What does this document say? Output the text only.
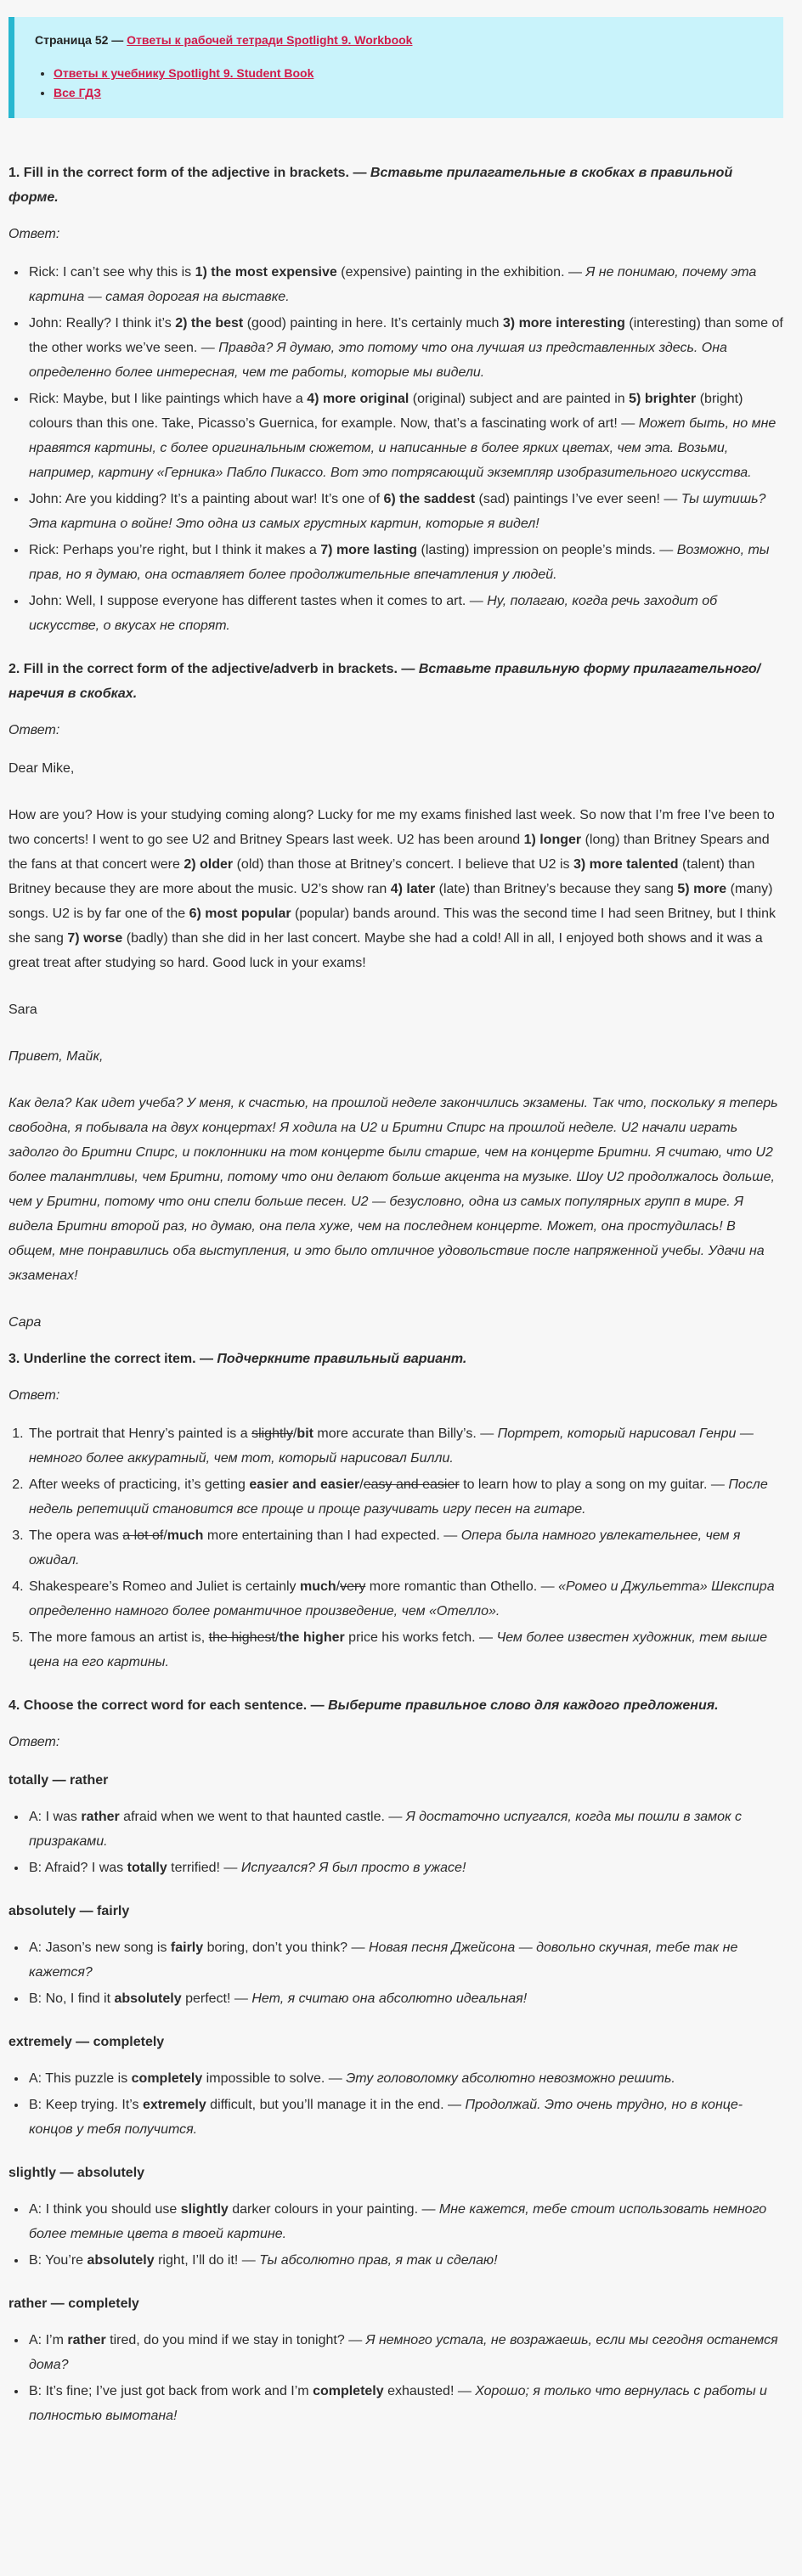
Страница 52 — Ответы к рабочей тетради Spotlight 9. Workbook
• Ответы к учебнику Spotlight 9. Student Book
• Все ГДЗ
1. Fill in the correct form of the adjective in brackets. — Вставьте прилагательные в скобках в правильной форме.

Ответ:

• Rick: I can’t see why this is 1) the most expensive (expensive) painting in the exhibition. — Я не понимаю, почему эта картина — самая дорогая на выставке.
• John: Really? I think it’s 2) the best (good) painting in here. It’s certainly much 3) more interesting (interesting) than some of the other works we’ve seen. — Правда? Я думаю, это потому что она лучшая из представленных здесь. Она определенно более интересная, чем те работы, которые мы видели.
• Rick: Maybe, but I like paintings which have a 4) more original (original) subject and are painted in 5) brighter (bright) colours than this one. Take, Picasso’s Guernica, for example. Now, that’s a fascinating work of art! — Может быть, но мне нравятся картины, с более оригинальным сюжетом, и написанные в более ярких цветах, чем эта. Возьми, например, картину «Герника» Пабло Пикассо. Вот это потрясающий экземпляр изобразительного искусства.
• John: Are you kidding? It’s a painting about war! It’s one of 6) the saddest (sad) paintings I’ve ever seen! — Ты шутишь? Эта картина о войне! Это одна из самых грустных картин, которые я видел!
• Rick: Perhaps you’re right, but I think it makes a 7) more lasting (lasting) impression on people’s minds. — Возможно, ты прав, но я думаю, она оставляет более продолжительные впечатления у людей.
• John: Well, I suppose everyone has different tastes when it comes to art. — Ну, полагаю, когда речь заходит об искусстве, о вкусах не спорят.
2. Fill in the correct form of the adjective/adverb in brackets. — Вставьте правильную форму прилагательного/наречия в скобках.

Ответ:

Dear Mike,

How are you? How is your studying coming along? Lucky for me my exams finished last week. So now that I’m free I’ve been to two concerts! I went to go see U2 and Britney Spears last week. U2 has been around 1) longer (long) than Britney Spears and the fans at that concert were 2) older (old) than those at Britney’s concert. I believe that U2 is 3) more talented (talent) than Britney because they are more about the music. U2’s show ran 4) later (late) than Britney’s because they sang 5) more (many) songs. U2 is by far one of the 6) most popular (popular) bands around. This was the second time I had seen Britney, but I think she sang 7) worse (badly) than she did in her last concert. Maybe she had a cold! All in all, I enjoyed both shows and it was a great treat after studying so hard. Good luck in your exams!

Sara

Привет, Майк,

Как дела? Как идет учеба? У меня, к счастью, на прошлой неделе закончились экзамены. Так что, поскольку я теперь свободна, я побывала на двух концертах! Я ходила на U2 и Бритни Спирс на прошлой неделе. U2 начали играть задолго до Бритни Спирс, и поклонники на том концерте были старше, чем на концерте Бритни. Я считаю, что U2 более талантливы, чем Бритни, потому что они делают больше акцента на музыке. Шоу U2 продолжалось дольше, чем у Бритни, потому что они спели больше песен. U2 — безусловно, одна из самых популярных групп в мире. Я видела Бритни второй раз, но думаю, она пела хуже, чем на последнем концерте. Может, она простудилась! В общем, мне понравились оба выступления, и это было отличное удовольствие после напряженной учебы. Удачи на экзаменах!

Сара

3. Underline the correct item. — Подчеркните правильный вариант.

Ответ:

1. The portrait that Henry’s painted is a slightly/bit more accurate than Billy’s. — Портрет, который нарисовал Генри — немного более аккуратный, чем тот, который нарисовал Билли.
2. After weeks of practicing, it’s getting easier and easier/easy and easier to learn how to play a song on my guitar. — После недель репетиций становится все проще и проще разучивать игру песен на гитаре.
3. The opera was a lot of/much more entertaining than I had expected. — Опера была намного увлекательнее, чем я ожидал.
4. Shakespeare’s Romeo and Juliet is certainly much/very more romantic than Othello. — «Ромео и Джульетта» Шекспира определенно намного более романтичное произведение, чем «Отелло».
5. The more famous an artist is, the highest/the higher price his works fetch. — Чем более известен художник, тем выше цена на его картины.
4. Choose the correct word for each sentence. — Выберите правильное слово для каждого предложения.

Ответ:

totally — rather

• A: I was rather afraid when we went to that haunted castle. — Я достаточно испугался, когда мы пошли в замок с призраками.
• B: Afraid? I was totally terrified! — Испугался? Я был просто в ужасе!

absolutely — fairly

• A: Jason’s new song is fairly boring, don’t you think? — Новая песня Джейсона — довольно скучная, тебе так не кажется?
• B: No, I find it absolutely perfect! — Нет, я считаю она абсолютно идеальная!

extremely — completely

• A: This puzzle is completely impossible to solve. — Эту головоломку абсолютно невозможно решить.
• B: Keep trying. It’s extremely difficult, but you’ll manage it in the end. — Продолжай. Это очень трудно, но в конце-концов у тебя получится.

slightly — absolutely

• A: I think you should use slightly darker colours in your painting. — Мне кажется, тебе стоит использовать немного более темные цвета в твоей картине.
• B: You’re absolutely right, I’ll do it! — Ты абсолютно прав, я так и сделаю!

rather — completely

• A: I’m rather tired, do you mind if we stay in tonight? — Я немного устала, не возражаешь, если мы сегодня останемся дома?
• B: It’s fine; I’ve just got back from work and I’m completely exhausted! — Хорошо; я только что вернулась с работы и полностью вымотана!
